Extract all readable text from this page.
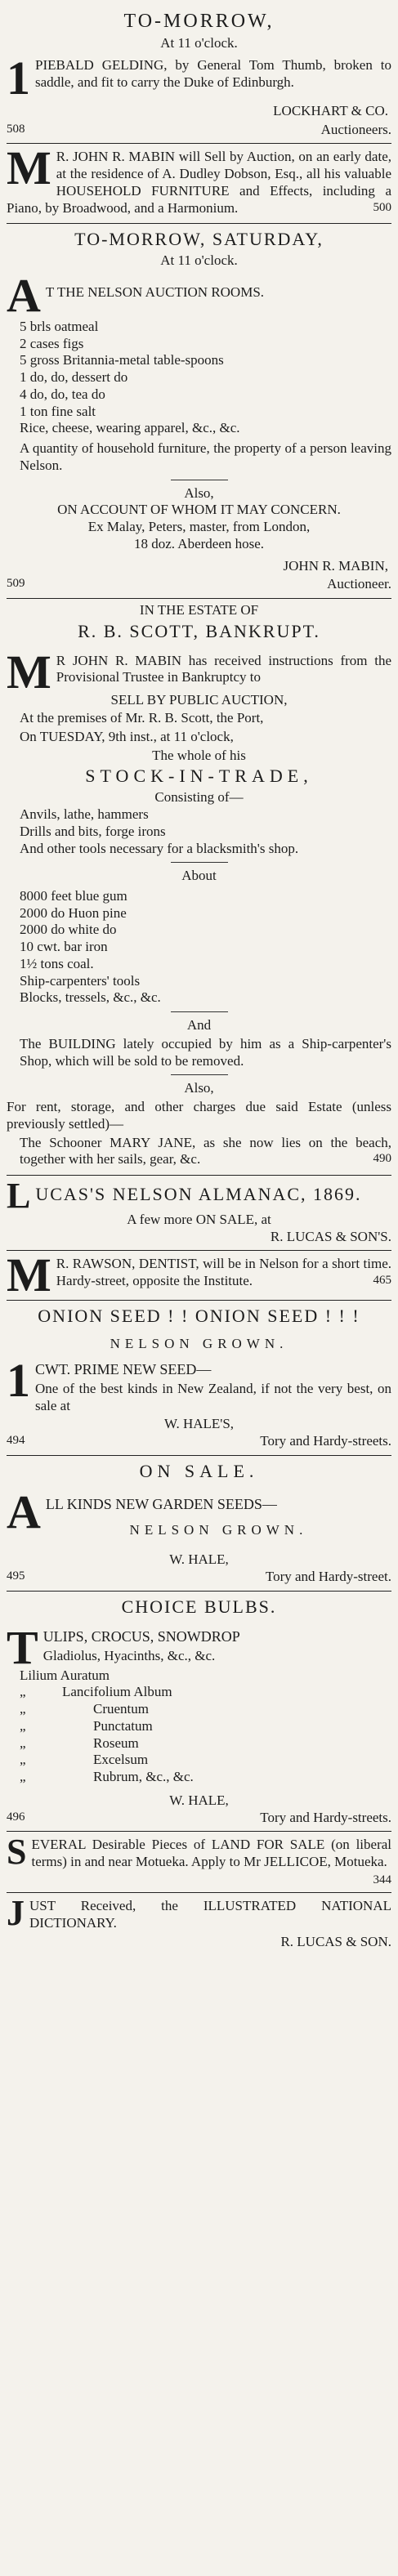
TO-MORROW,
At 11 o'clock.
1 PIEBALD GELDING, by General Tom Thumb, broken to saddle, and fit to carry the Duke of Edinburgh.
LOCKHART & CO.
508	Auctioneers.
M R. JOHN R. MABIN will Sell by Auction, on an early date, at the residence of A. Dudley Dobson, Esq., all his valuable HOUSEHOLD FURNITURE and Effects, including a Piano, by Broadwood, and a Harmonium.	500
TO-MORROW, SATURDAY,
At 11 o'clock.
A T THE NELSON AUCTION ROOMS.
5 brls oatmeal
2 cases figs
5 gross Britannia-metal table-spoons
1 do, do, dessert do
4 do, do, tea do
1 ton fine salt
Rice, cheese, wearing apparel, &c., &c.
A quantity of household furniture, the property of a person leaving Nelson.
Also,
ON ACCOUNT OF WHOM IT MAY CONCERN.
Ex Malay, Peters, master, from London,
18 doz. Aberdeen hose.
JOHN R. MABIN,
509	Auctioneer.
IN THE ESTATE OF
R. B. SCOTT, BANKRUPT.
M R JOHN R. MABIN has received instructions from the Provisional Trustee in Bankruptcy to
SELL BY PUBLIC AUCTION,
At the premises of Mr. R. B. Scott, the Port,
On TUESDAY, 9th inst., at 11 o'clock,
The whole of his
STOCK-IN-TRADE,
Consisting of—
Anvils, lathe, hammers
Drills and bits, forge irons
And other tools necessary for a blacksmith's shop.
About
8000 feet blue gum
2000 do Huon pine
2000 do white do
10 cwt. bar iron
1½ tons coal.
Ship-carpenters' tools
Blocks, tressels, &c., &c.
And
The BUILDING lately occupied by him as a Ship-carpenter's Shop, which will be sold to be removed.
Also,
For rent, storage, and other charges due said Estate (unless previously settled)—
The Schooner MARY JANE, as she now lies on the beach, together with her sails, gear, &c.	490
L UCAS'S NELSON ALMANAC, 1869.
A few more ON SALE, at
R. LUCAS & SON'S.
M R. RAWSON, DENTIST, will be in Nelson for a short time. Hardy-street, opposite the Institute.	465
ONION SEED ! ! ONION SEED ! ! !
NELSON GROWN.
1 CWT. PRIME NEW SEED—
One of the best kinds in New Zealand, if not the very best, on sale at
W. HALE'S,
494	Tory and Hardy-streets.
ON SALE.
A LL KINDS NEW GARDEN SEEDS—
NELSON GROWN.
W. HALE,
495	Tory and Hardy-street.
CHOICE BULBS.
T ULIPS, CROCUS, SNOWDROP
Gladiolus, Hyacinths, &c., &c.
Lilium Auratum
„	Lancifolium Album
„	Cruentum
„	Punctatum
„	Roseum
„	Excelsum
„	Rubrum, &c., &c.
W. HALE,
496	Tory and Hardy-streets.
S EVERAL Desirable Pieces of LAND FOR SALE (on liberal terms) in and near Motueka. Apply to Mr JELLICOE, Motueka.
344
J UST Received, the ILLUSTRATED NATIONAL DICTIONARY.
R. LUCAS & SON.
